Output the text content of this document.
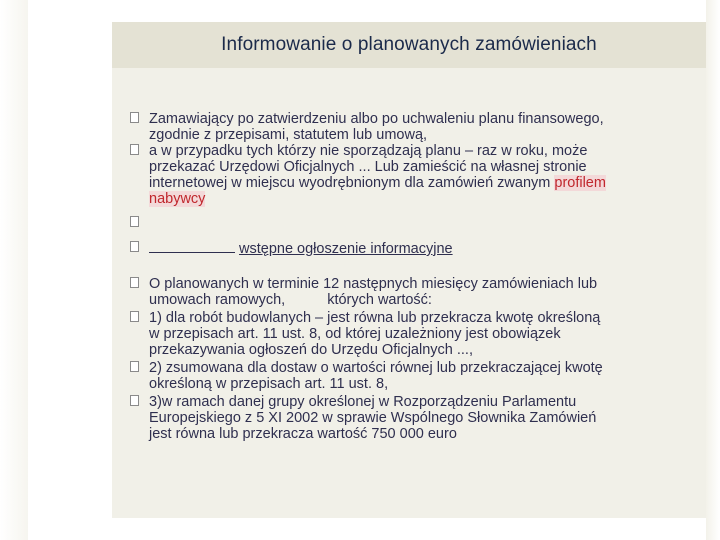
Informowanie o planowanych zamówieniach
Zamawiający po zatwierdzeniu albo po uchwaleniu planu finansowego,
zgodnie z przepisami, statutem lub umową,
a w przypadku tych którzy nie sporządzają planu – raz w roku, może
przekazać Urzędowi Oficjalnych ... Lub zamieścić na własnej stronie
internetowej w miejscu wyodrębnionym dla zamówień zwanym profilem
nabywcy
wstępne ogłoszenie informacyjne
O planowanych w terminie 12 następnych miesięcy zamówieniach lub
umowach ramowych,	których wartość:
1) dla robót budowlanych – jest równa lub przekracza kwotę określoną
w przepisach art. 11 ust. 8, od której uzależniony jest obowiązek
przekazywania ogłoszeń do Urzędu Oficjalnych ...,
2) zsumowana dla dostaw o wartości równej lub przekraczającej kwotę
określoną w przepisach art. 11 ust. 8,
3)w ramach danej grupy określonej w Rozporządzeniu Parlamentu
Europejskiego z 5 XI 2002 w sprawie Wspólnego Słownika Zamówień
jest równa lub przekracza wartość 750 000 euro
